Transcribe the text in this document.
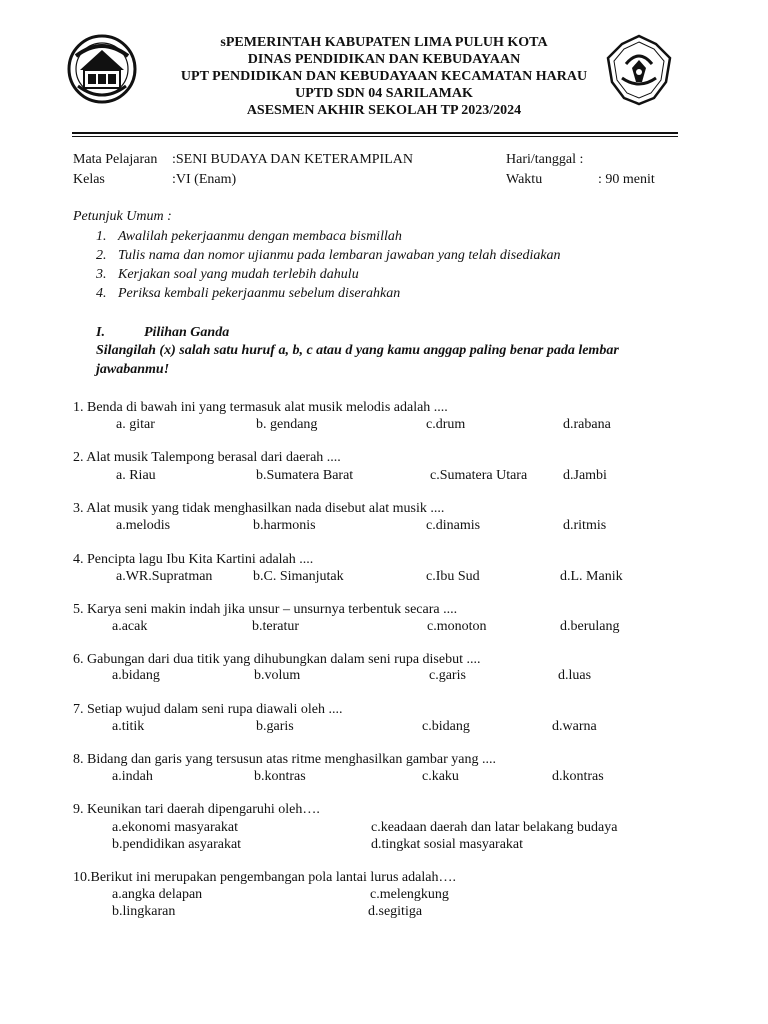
sPEMERINTAH KABUPATEN LIMA PULUH KOTA
DINAS PENDIDIKAN DAN KEBUDAYAAN
UPT PENDIDIKAN DAN KEBUDAYAAN KECAMATAN HARAU
UPTD SDN 04 SARILAMAK
ASESMEN AKHIR SEKOLAH TP 2023/2024
Mata Pelajaran :SENI BUDAYA DAN KETERAMPILAN	Hari/tanggal :
Kelas	:VI (Enam)	Waktu	: 90 menit
Petunjuk Umum :
1. Awalilah pekerjaanmu dengan membaca bismillah
2. Tulis nama dan nomor ujianmu pada lembaran jawaban yang telah disediakan
3. Kerjakan soal yang mudah terlebih dahulu
4. Periksa kembali pekerjaanmu sebelum diserahkan
I.	Pilihan Ganda
Silangilah (x) salah satu huruf a, b, c atau d yang kamu anggap paling benar pada lembar
jawabanmu!
1. Benda di bawah ini yang termasuk alat musik melodis adalah ....
a. gitar	b. gendang	c.drum	d.rabana
2. Alat musik Talempong berasal dari daerah ....
a. Riau	b.Sumatera Barat	c.Sumatera Utara	d.Jambi
3. Alat musik yang tidak menghasilkan nada disebut alat musik ....
a.melodis	b.harmonis	c.dinamis	d.ritmis
4. Pencipta lagu Ibu Kita Kartini adalah ....
a.WR.Supratman	b.C. Simanjutak	c.Ibu Sud	d.L. Manik
5. Karya seni makin indah jika unsur – unsurnya terbentuk secara ....
a.acak	b.teratur	c.monoton	d.berulang
6. Gabungan dari dua titik yang dihubungkan dalam seni rupa disebut ....
a.bidang	b.volum	c.garis	d.luas
7. Setiap wujud dalam seni rupa diawali oleh ....
a.titik	b.garis	c.bidang	d.warna
8. Bidang dan garis yang tersusun atas ritme menghasilkan gambar yang ....
a.indah	b.kontras	c.kaku	d.kontras
9. Keunikan tari daerah dipengaruhi oleh….
a.ekonomi masyarakat	c.keadaan daerah dan latar belakang budaya
b.pendidikan asyarakat	d.tingkat sosial masyarakat
10.Berikut ini merupakan pengembangan pola lantai lurus adalah….
a.angka delapan	c.melengkung
b.lingkaran	d.segitiga
